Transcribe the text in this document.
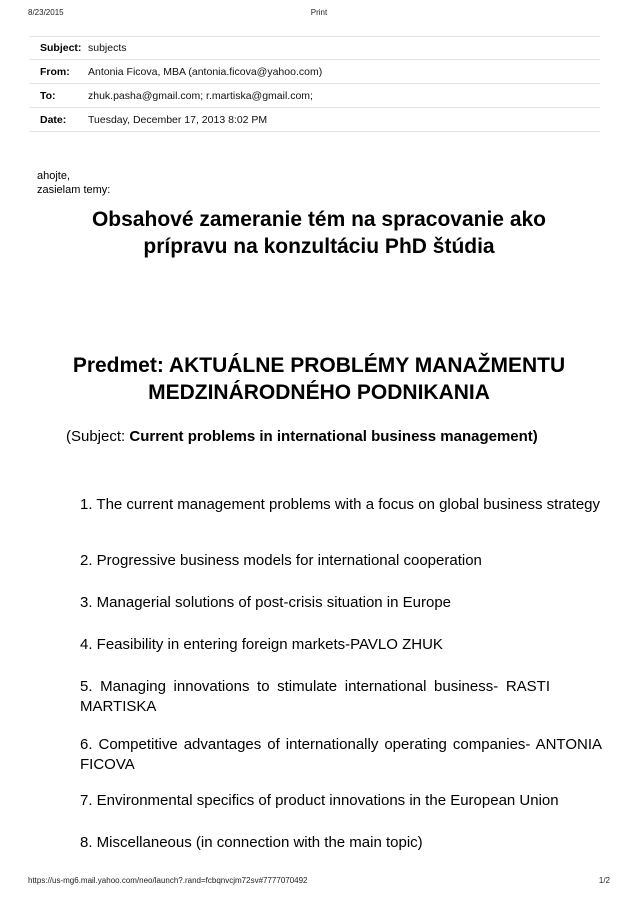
8/23/2015	Print
Subject: subjects
From:	Antonia Ficova, MBA (antonia.ficova@yahoo.com)
To:	zhuk.pasha@gmail.com; r.martiska@gmail.com;
Date:	Tuesday, December 17, 2013 8:02 PM
ahojte,
zasielam temy:
Obsahové zameranie tém na spracovanie ako
prípravu na konzultáciu PhD štúdia
Predmet: AKTUÁLNE PROBLÉMY MANAŽMENTU
MEDZINÁRODNÉHO PODNIKANIA
(Subject: Current problems in international business management)
1. The current management problems with a focus on global business strategy
2. Progressive business models for international cooperation
3. Managerial solutions of post-crisis situation in Europe
4. Feasibility in entering foreign markets-PAVLO ZHUK
5. Managing innovations to stimulate international business- RASTI MARTISKA
6. Competitive advantages of internationally operating companies- ANTONIA FICOVA
7. Environmental specifics of product innovations in the European Union
8. Miscellaneous (in connection with the main topic)
https://us-mg6.mail.yahoo.com/neo/launch?.rand=fcbqnvcjm72sv#7777070492	1/2
